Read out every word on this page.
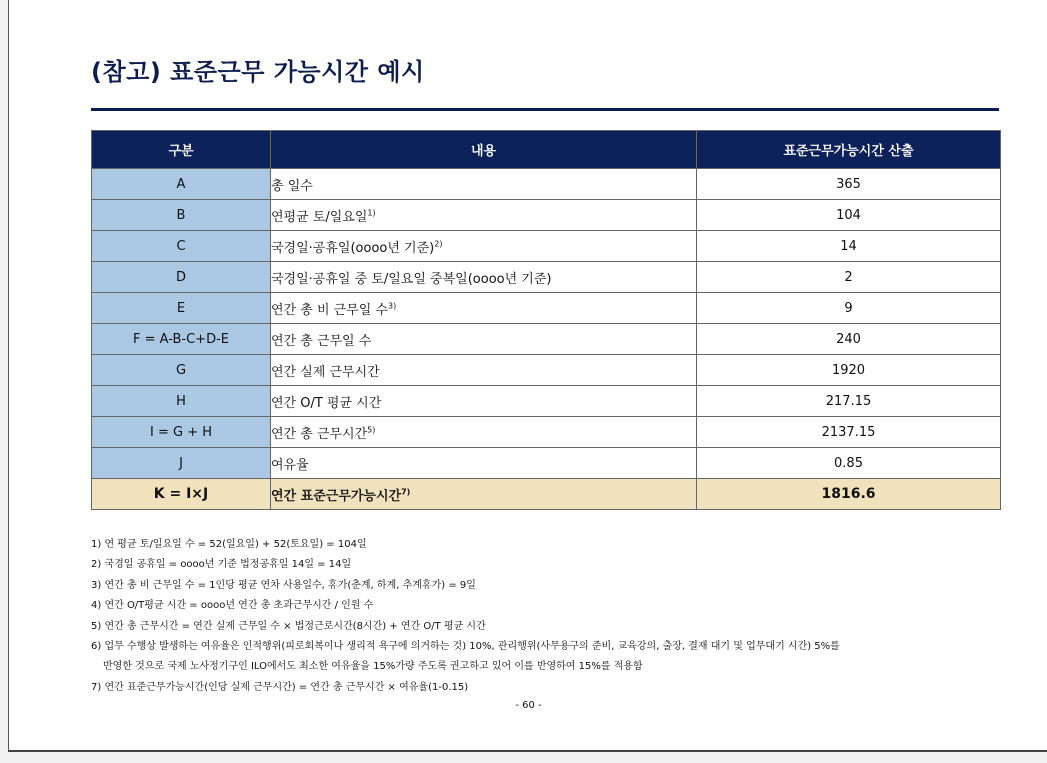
(참고) 표준근무 가능시간 예시
구분	내용	표준근무가능시간 산출
A	총 일수	365
B	연평균 토/일요일$^{1)}$	104
C	국경일·공휴일(oooo년 기준)$^{2)}$	14
D	국경일·공휴일 중 토/일요일 중복일(oooo년 기준)	2
E	연간 총 비 근무일 수$^{3)}$	9
F = A-B-C+D-E	연간 총 근무일 수	240
G	연간 실제 근무시간	1920
H	연간 O/T 평균 시간	217.15
I = G + H	연간 총 근무시간$^{5)}$	2137.15
J	여유율	0.85
K = I×J	연간 표준근무가능시간$^{7)}$	1816.6
1) 연 평균 토/일요일 수 = 52(일요일) + 52(토요일) = 104일
2) 국경일 공휴일 = oooo년 기준 법정공휴일 14일 = 14일
3) 연간 총 비 근무일 수 = 1인당 평균 연차 사용일수, 휴가(춘계, 하계, 추계휴가) = 9일
4) 연간 O/T평균 시간 = oooo년 연간 총 초과근무시간 / 인원 수
5) 연간 총 근무시간 = 연간 실제 근무일 수 × 법정근로시간(8시간) + 연간 O/T 평균 시간
6) 업무 수행상 발생하는 여유율은 인적행위(피로회복이나 생리적 욕구에 의거하는 것) 10%, 관리행위(사무용구의 준비, 교육강의, 출장, 결재 대기 및 업무대기 시간) 5%를
반영한 것으로 국제 노사정기구인 ILO에서도 최소한 여유율을 15%가량 주도록 권고하고 있어 이를 반영하여 15%를 적용함
7) 연간 표준근무가능시간(인당 실제 근무시간) = 연간 총 근무시간 × 여유율(1-0.15)
- 60 -
